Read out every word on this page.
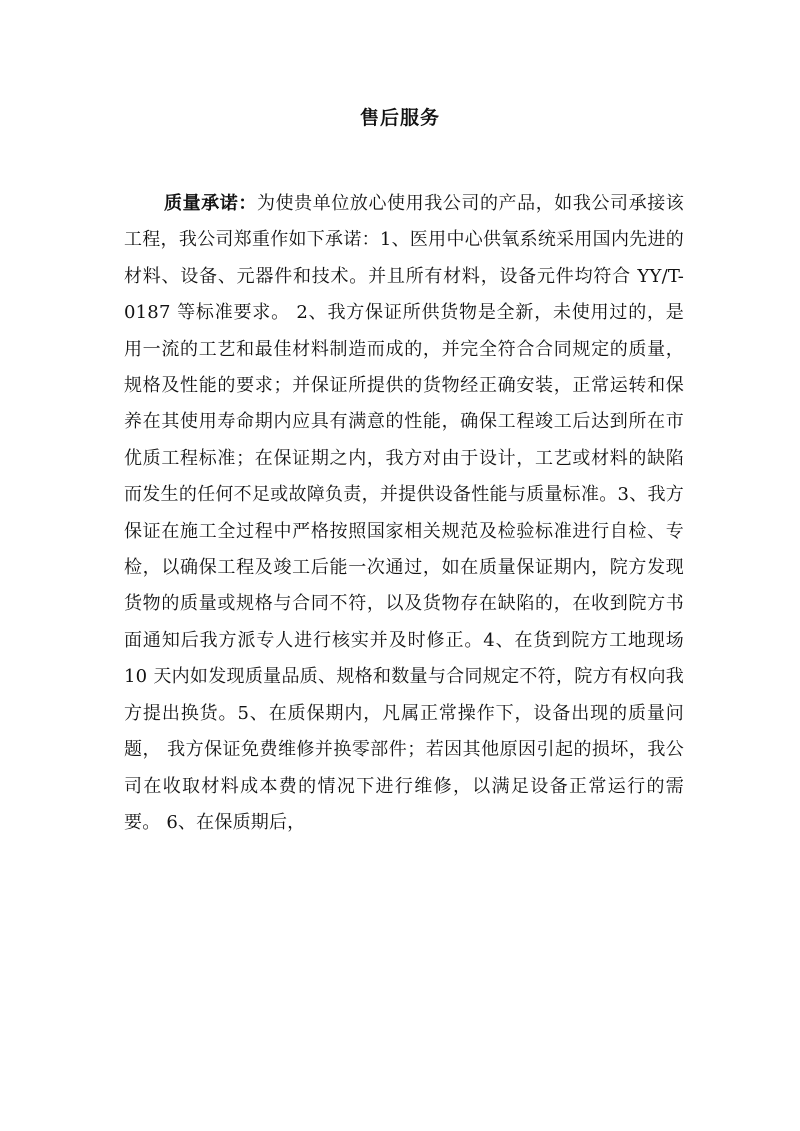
售后服务

质量承诺：为使贵单位放心使用我公司的产品，如我公司承接该工程，我公司郑重作如下承诺：1、医用中心供氧系统采用国内先进的材料、设备、元器件和技术。并且所有材料，设备元件均符合 YY/T-0187 等标准要求。 2、我方保证所供货物是全新，未使用过的，是用一流的工艺和最佳材料制造而成的，并完全符合合同规定的质量，规格及性能的要求；并保证所提供的货物经正确安装，正常运转和保养在其使用寿命期内应具有满意的性能，确保工程竣工后达到所在市优质工程标准；在保证期之内，我方对由于设计，工艺或材料的缺陷而发生的任何不足或故障负责，并提供设备性能与质量标准。3、我方保证在施工全过程中严格按照国家相关规范及检验标准进行自检、专检，以确保工程及竣工后能一次通过，如在质量保证期内，院方发现货物的质量或规格与合同不符，以及货物存在缺陷的，在收到院方书面通知后我方派专人进行核实并及时修正。4、在货到院方工地现场 10 天内如发现质量品质、规格和数量与合同规定不符，院方有权向我方提出换货。5、在质保期内，凡属正常操作下，设备出现的质量问题， 我方保证免费维修并换零部件；若因其他原因引起的损坏，我公司在收取材料成本费的情况下进行维修，以满足设备正常运行的需要。 6、在保质期后，
